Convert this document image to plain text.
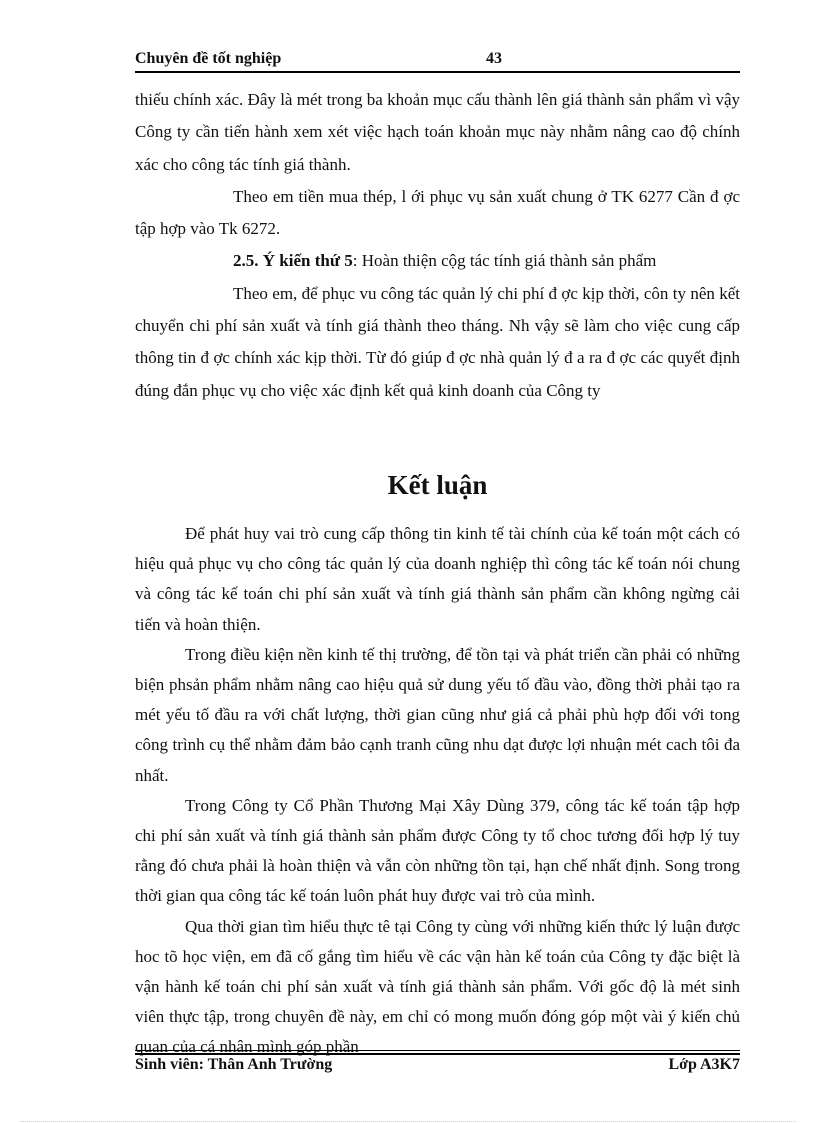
Chuyên đề tốt nghiệp	43

thiếu chính xác. Đây là mét trong ba khoản mục cấu thành lên giá thành sản phẩm vì vậy Công ty cần tiến hành xem xét việc hạch toán khoản mục này nhằm nâng cao độ chính xác cho công tác tính giá thành.

Theo em tiền mua thép, l ới phục vụ sản xuất chung ở TK 6277 Cần đ ợc tập hợp vào Tk 6272.

2.5. Ý kiến thứ 5: Hoàn thiện cộg tác tính giá thành sản phẩm

Theo em, để phục vu công tác quản lý chi phí đ ợc kịp thời, côn ty nên kết chuyển chi phí sản xuất và tính giá thành theo tháng. Nh vậy sẽ làm cho việc cung cấp thông tin đ ợc chính xác kịp thời. Từ đó giúp đ ợc nhà quản lý đ a ra đ ợc các quyết định đúng đắn phục vụ cho việc xác định kết quả kinh doanh của Công ty

Kết luận

Để phát huy vai trò cung cấp thông tin kinh tế tài chính của kế toán một cách có hiệu quả phục vụ cho công tác quản lý của doanh nghiệp thì công tác kế toán nói chung và công tác kế toán chi phí sản xuất và tính giá thành sản phẩm cần không ngừng cải tiến và hoàn thiện.

Trong điều kiện nền kinh tế thị trường, để tồn tại và phát triển cần phải có những biện phsản phẩm nhằm nâng cao hiệu quả sử dung yếu tố đầu vào, đồng thời phải tạo ra mét yếu tố đầu ra với chất lượng, thời gian cũng như giá cả phải phù hợp đối với tong công trình cụ thể nhằm đảm bảo cạnh tranh cũng nhu dạt được lợi nhuận mét cach tôi đa nhất.

Trong Công ty Cổ Phần Thương Mại Xây Dùng 379, công tác kế toán tập hợp chi phí sản xuất và tính giá thành sản phẩm được Công ty tổ choc tương đối hợp lý tuy rằng đó chưa phải là hoàn thiện và vẫn còn những tồn tại, hạn chế nhất định. Song trong thời gian qua công tác kế toán luôn phát huy được vai trò của mình.

Qua thời gian tìm hiểu thực tê tại Công ty cùng với những kiến thức lý luận được hoc tõ học viện, em đã cố gắng tìm hiểu về các vận hàn kế toán của Công ty đặc biệt là vận hành kế toán chi phí sản xuất và tính giá thành sản phẩm. Với gốc độ là mét sinh viên thực tập, trong chuyên đề này, em chỉ có mong muốn đóng góp một vài ý kiến chủ quan của cá nhân mình góp phần

Sinh viên: Thân Anh Trường	Lớp A3K7
